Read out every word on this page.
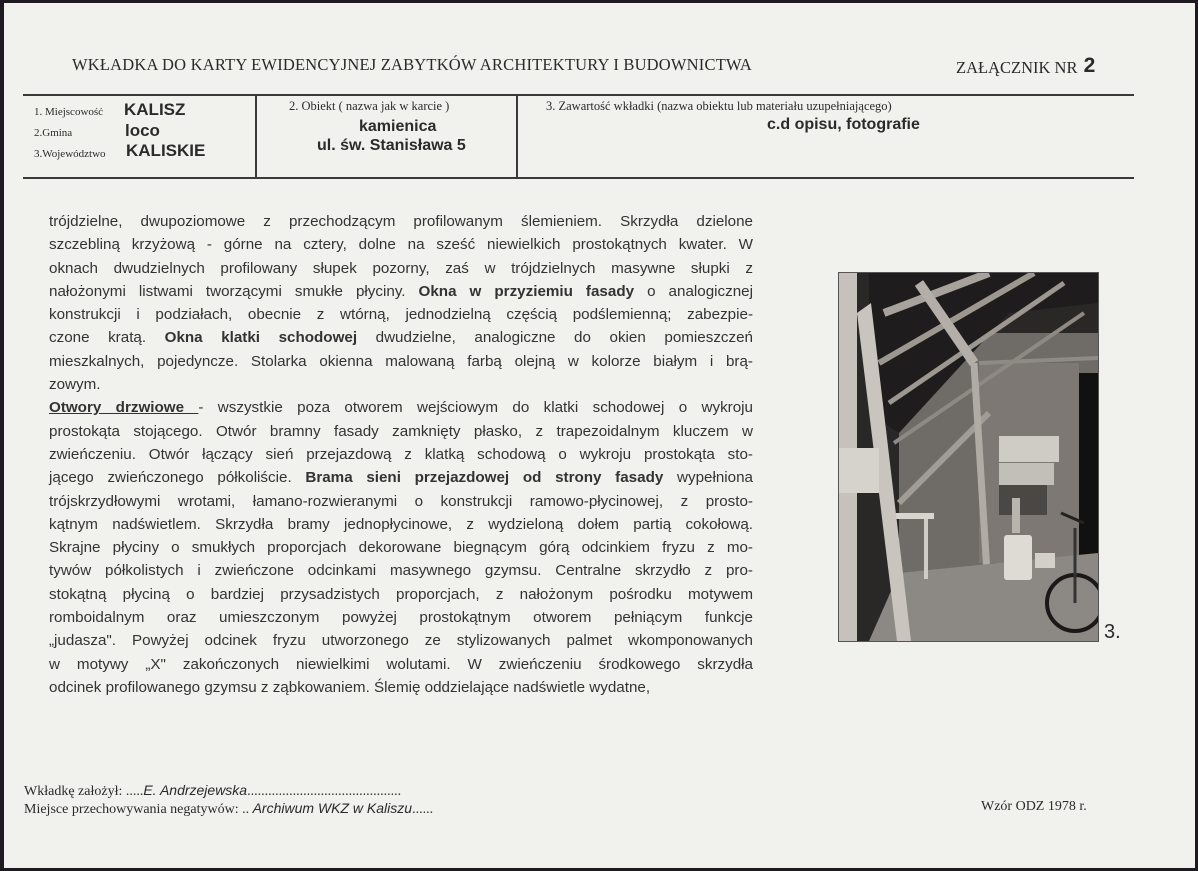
WKŁADKA DO KARTY EWIDENCYJNEJ ZABYTKÓW ARCHITEKTURY I BUDOWNICTWA	ZAŁĄCZNIK NR 2
1. Miejscowość KALISZ
2.Gmina	loco
3.Województwo KALISKIE
2. Obiekt ( nazwa jak w karcie )
kamienica
ul. św. Stanisława 5
3. Zawartość wkładki (nazwa obiektu lub materiału uzupełniającego)
c.d opisu, fotografie
trójdzielne, dwupoziomowe z przechodzącym profilowanym ślemieniem. Skrzydła dzielone
szczebliną krzyżową - górne na cztery, dolne na sześć niewielkich prostokątnych kwater. W
oknach dwudzielnych profilowany słupek pozorny, zaś w trójdzielnych masywne słupki z
nałożonymi listwami tworzącymi smukłe płyciny. Okna w przyziemiu fasady o analogicznej
konstrukcji i podziałach, obecnie z wtórną, jednodzielną częścią podślemienną; zabezpie-
czone kratą. Okna klatki schodowej dwudzielne, analogiczne do okien pomieszczeń
mieszkalnych, pojedyncze. Stolarka okienna malowaną farbą olejną w kolorze białym i brą-
zowym.
Otwory drzwiowe - wszystkie poza otworem wejściowym do klatki schodowej o wykroju
prostokąta stojącego. Otwór bramny fasady zamknięty płasko, z trapezoidalnym kluczem w
zwieńczeniu. Otwór łączący sień przejazdową z klatką schodową o wykroju prostokąta sto-
jącego zwieńczonego półkoliście. Brama sieni przejazdowej od strony fasady wypełniona
trójskrzydłowymi wrotami, łamano-rozwieranymi o konstrukcji ramowo-płycinowej, z prosto-
kątnym nadświetlem. Skrzydła bramy jednopłycinowe, z wydzieloną dołem partią cokołową.
Skrajne płyciny o smukłych proporcjach dekorowane biegnącym górą odcinkiem fryzu z mo-
tywów półkolistych i zwieńczone odcinkami masywnego gzymsu. Centralne skrzydło z pro-
stokątną płyciną o bardziej przysadzistych proporcjach, z nałożonym pośrodku motywem
romboidalnym oraz umieszczonym powyżej prostokątnym otworem pełniącym funkcje
„judasza". Powyżej odcinek fryzu utworzonego ze stylizowanych palmet wkomponowanych
w motywy „X" zakończonych niewielkimi wolutami. W zwieńczeniu środkowego skrzydła
odcinek profilowanego gzymsu z ząbkowaniem. Ślemię oddzielające nadświetle wydatne,
3.
Wkładkę założył: .....E. Andrzejewska............................................
Miejsce przechowywania negatywów: .. Archiwum WKZ w Kaliszu......	Wzór ODZ 1978 r.
